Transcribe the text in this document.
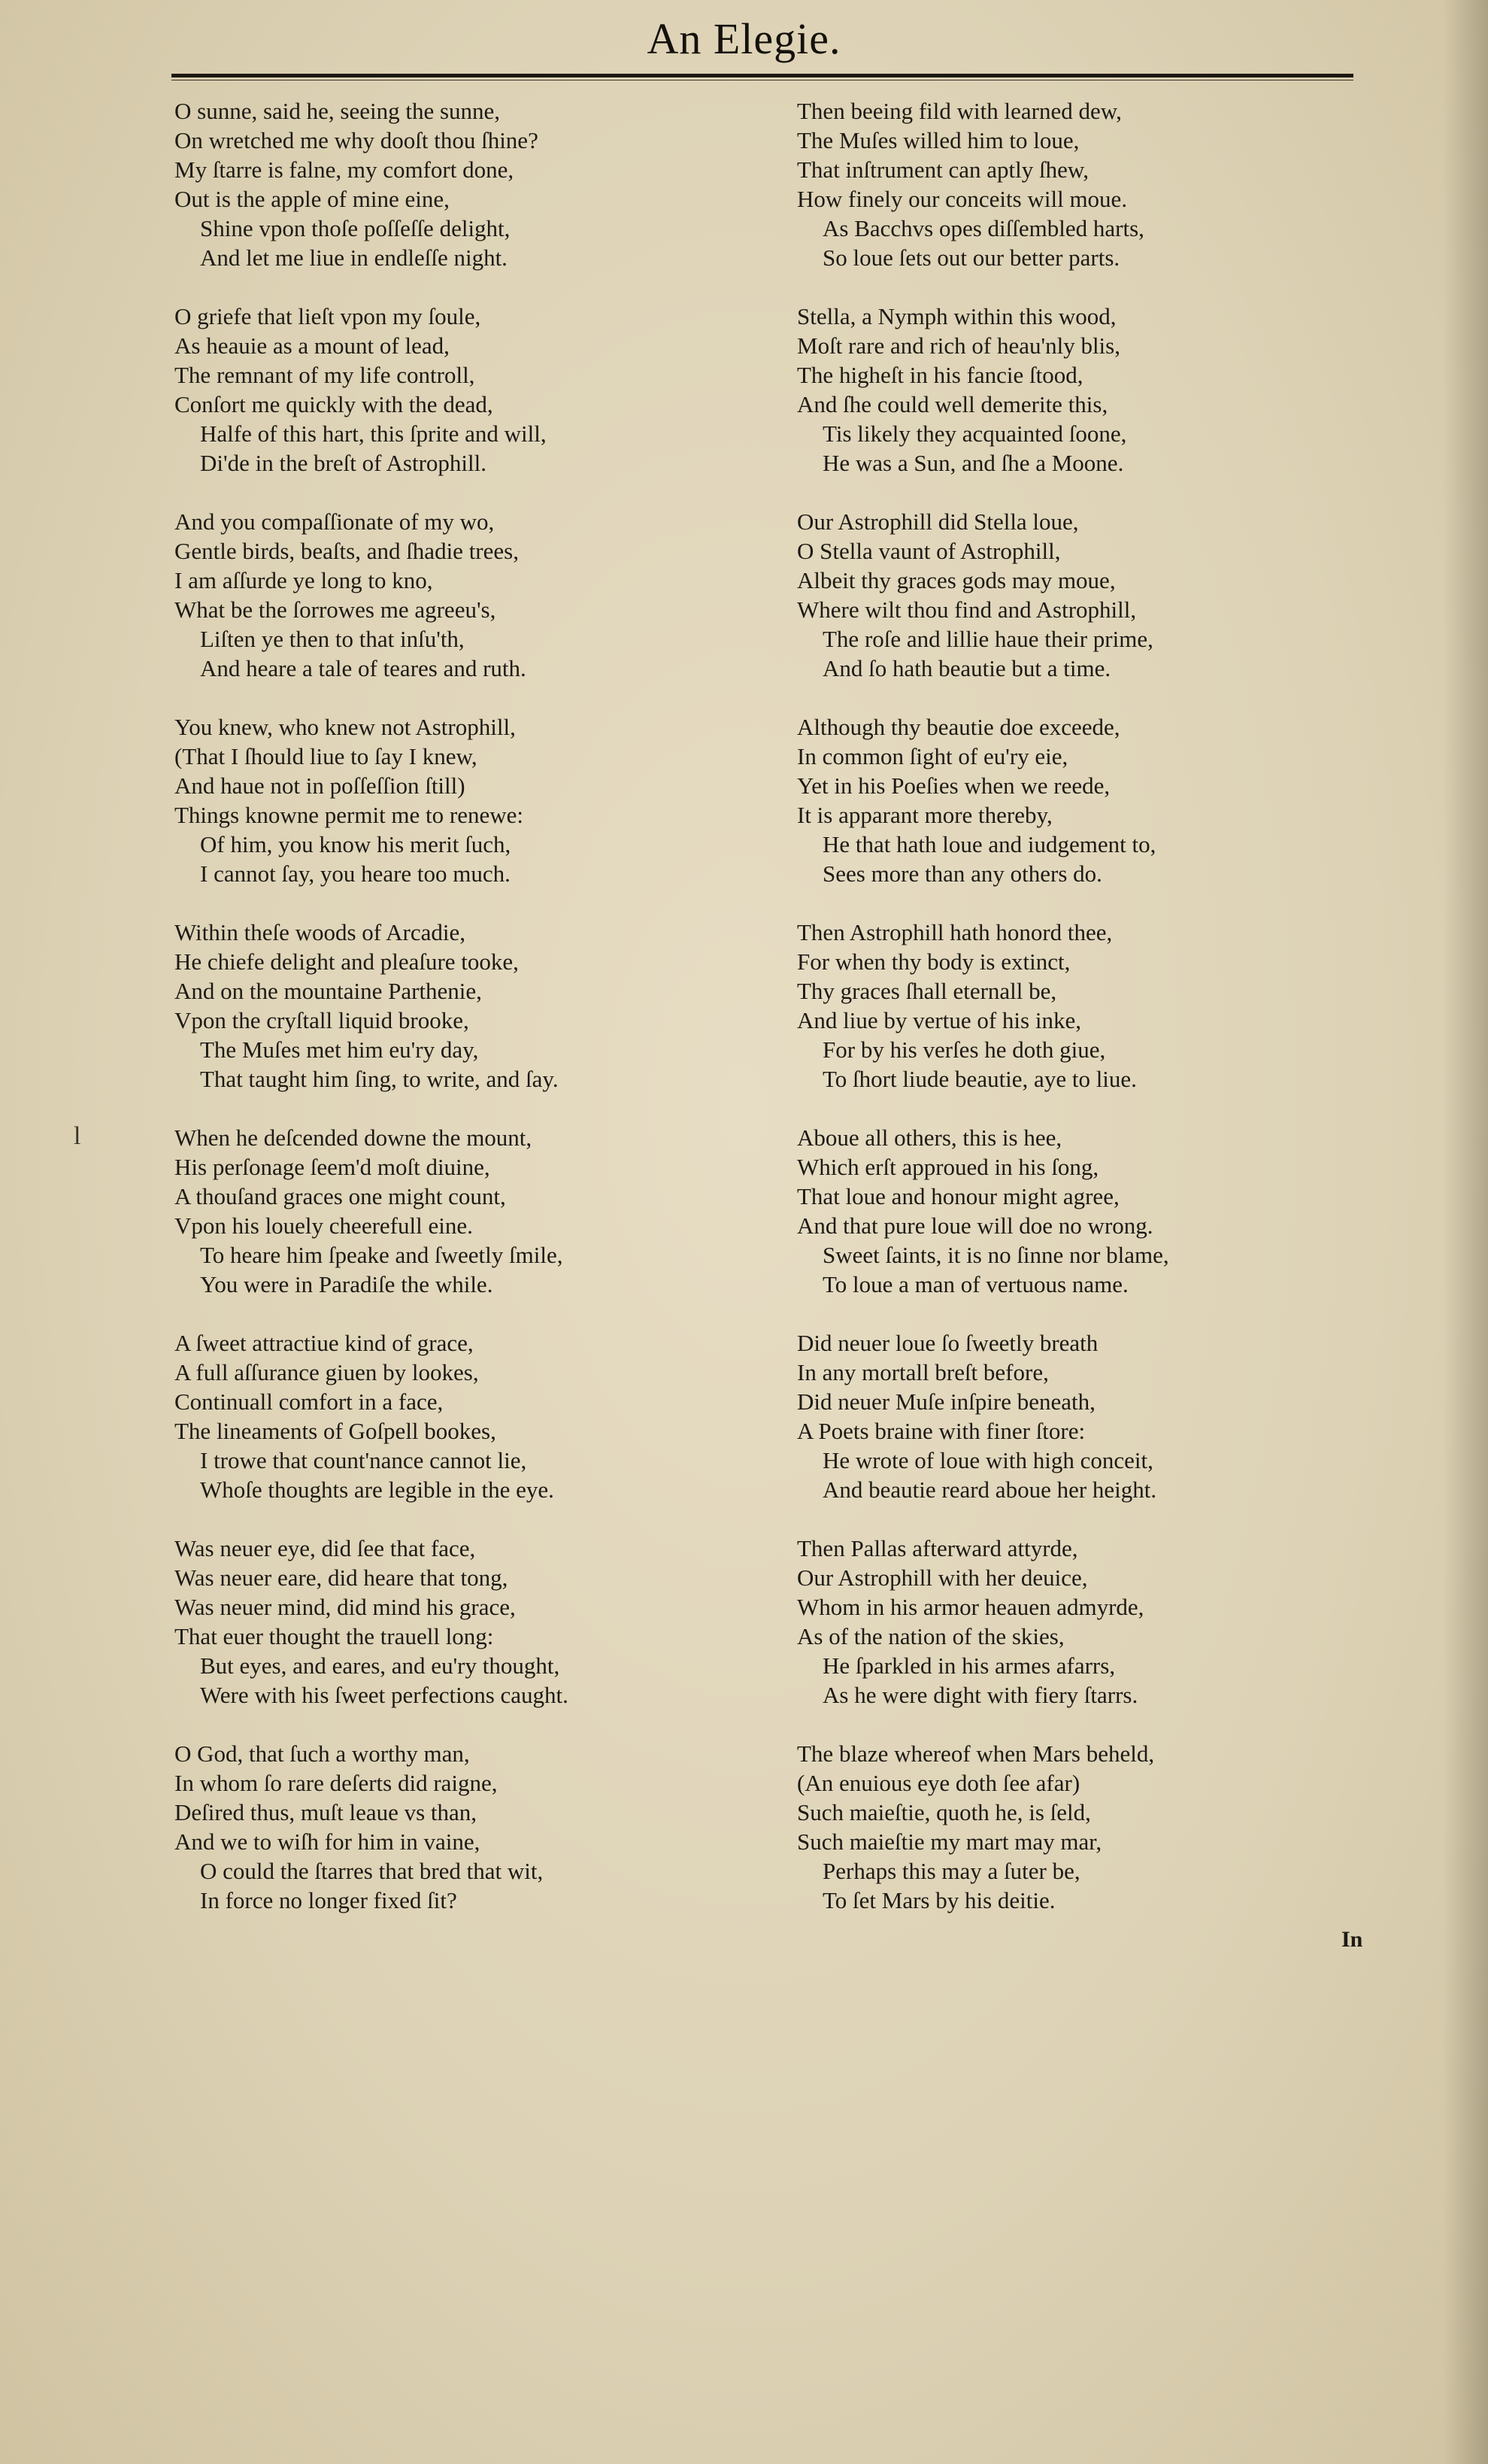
An Elegie.
l
O sunne, said he, seeing the sunne,
On wretched me why dooſt thou ſhine?
My ſtarre is falne, my comfort done,
Out is the apple of mine eine,
Shine vpon thoſe poſſeſſe delight,
And let me liue in endleſſe night.
O griefe that lieſt vpon my ſoule,
As heauie as a mount of lead,
The remnant of my life controll,
Conſort me quickly with the dead,
Halfe of this hart, this ſprite and will,
Di'de in the breſt of Astrophill.
And you compaſſionate of my wo,
Gentle birds, beaſts, and ſhadie trees,
I am aſſurde ye long to kno,
What be the ſorrowes me agreeu's,
Liſten ye then to that inſu'th,
And heare a tale of teares and ruth.
You knew, who knew not Astrophill,
(That I ſhould liue to ſay I knew,
And haue not in poſſeſſion ſtill)
Things knowne permit me to renewe:
Of him, you know his merit ſuch,
I cannot ſay, you heare too much.
Within theſe woods of Arcadie,
He chiefe delight and pleaſure tooke,
And on the mountaine Parthenie,
Vpon the cryſtall liquid brooke,
The Muſes met him eu'ry day,
That taught him ſing, to write, and ſay.
When he deſcended downe the mount,
His perſonage ſeem'd moſt diuine,
A thouſand graces one might count,
Vpon his louely cheerefull eine.
To heare him ſpeake and ſweetly ſmile,
You were in Paradiſe the while.
A ſweet attractiue kind of grace,
A full aſſurance giuen by lookes,
Continuall comfort in a face,
The lineaments of Goſpell bookes,
I trowe that count'nance cannot lie,
Whoſe thoughts are legible in the eye.
Was neuer eye, did ſee that face,
Was neuer eare, did heare that tong,
Was neuer mind, did mind his grace,
That euer thought the trauell long:
But eyes, and eares, and eu'ry thought,
Were with his ſweet perfections caught.
O God, that ſuch a worthy man,
In whom ſo rare deſerts did raigne,
Deſired thus, muſt leaue vs than,
And we to wiſh for him in vaine,
O could the ſtarres that bred that wit,
In force no longer fixed ſit?
Then beeing fild with learned dew,
The Muſes willed him to loue,
That inſtrument can aptly ſhew,
How finely our conceits will moue.
As Bacchvs opes diſſembled harts,
So loue ſets out our better parts.
Stella, a Nymph within this wood,
Moſt rare and rich of heau'nly blis,
The higheſt in his fancie ſtood,
And ſhe could well demerite this,
Tis likely they acquainted ſoone,
He was a Sun, and ſhe a Moone.
Our Astrophill did Stella loue,
O Stella vaunt of Astrophill,
Albeit thy graces gods may moue,
Where wilt thou find and Astrophill,
The roſe and lillie haue their prime,
And ſo hath beautie but a time.
Although thy beautie doe exceede,
In common ſight of eu'ry eie,
Yet in his Poeſies when we reede,
It is apparant more thereby,
He that hath loue and iudgement to,
Sees more than any others do.
Then Astrophill hath honord thee,
For when thy body is extinct,
Thy graces ſhall eternall be,
And liue by vertue of his inke,
For by his verſes he doth giue,
To ſhort liude beautie, aye to liue.
Aboue all others, this is hee,
Which erſt approued in his ſong,
That loue and honour might agree,
And that pure loue will doe no wrong.
Sweet ſaints, it is no ſinne nor blame,
To loue a man of vertuous name.
Did neuer loue ſo ſweetly breath
In any mortall breſt before,
Did neuer Muſe inſpire beneath,
A Poets braine with finer ſtore:
He wrote of loue with high conceit,
And beautie reard aboue her height.
Then Pallas afterward attyrde,
Our Astrophill with her deuice,
Whom in his armor heauen admyrde,
As of the nation of the skies,
He ſparkled in his armes afarrs,
As he were dight with fiery ſtarrs.
The blaze whereof when Mars beheld,
(An enuious eye doth ſee afar)
Such maieſtie, quoth he, is ſeld,
Such maieſtie my mart may mar,
Perhaps this may a ſuter be,
To ſet Mars by his deitie.
In
